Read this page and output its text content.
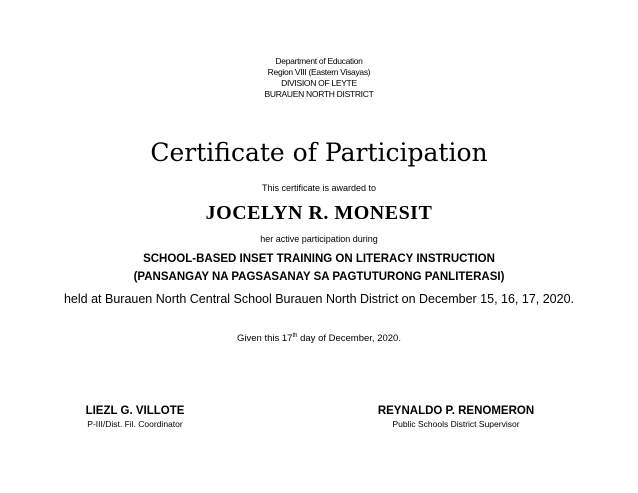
Department of Education
Region VIII (Eastern Visayas)
DIVISION OF LEYTE
BURAUEN NORTH DISTRICT
Certificate of Participation
This certificate is awarded to
JOCELYN R. MONESIT
her active participation during
SCHOOL-BASED INSET TRAINING ON LITERACY INSTRUCTION
(PANSANGAY NA PAGSASANAY SA PAGTUTURONG PANLITERASI)
held at Burauen North Central School Burauen North District on December 15, 16, 17, 2020.
Given this 17th day of December, 2020.
LIEZL G. VILLOTE
P-III/Dist. Fil. Coordinator
REYNALDO P. RENOMERON
Public Schools District Supervisor
